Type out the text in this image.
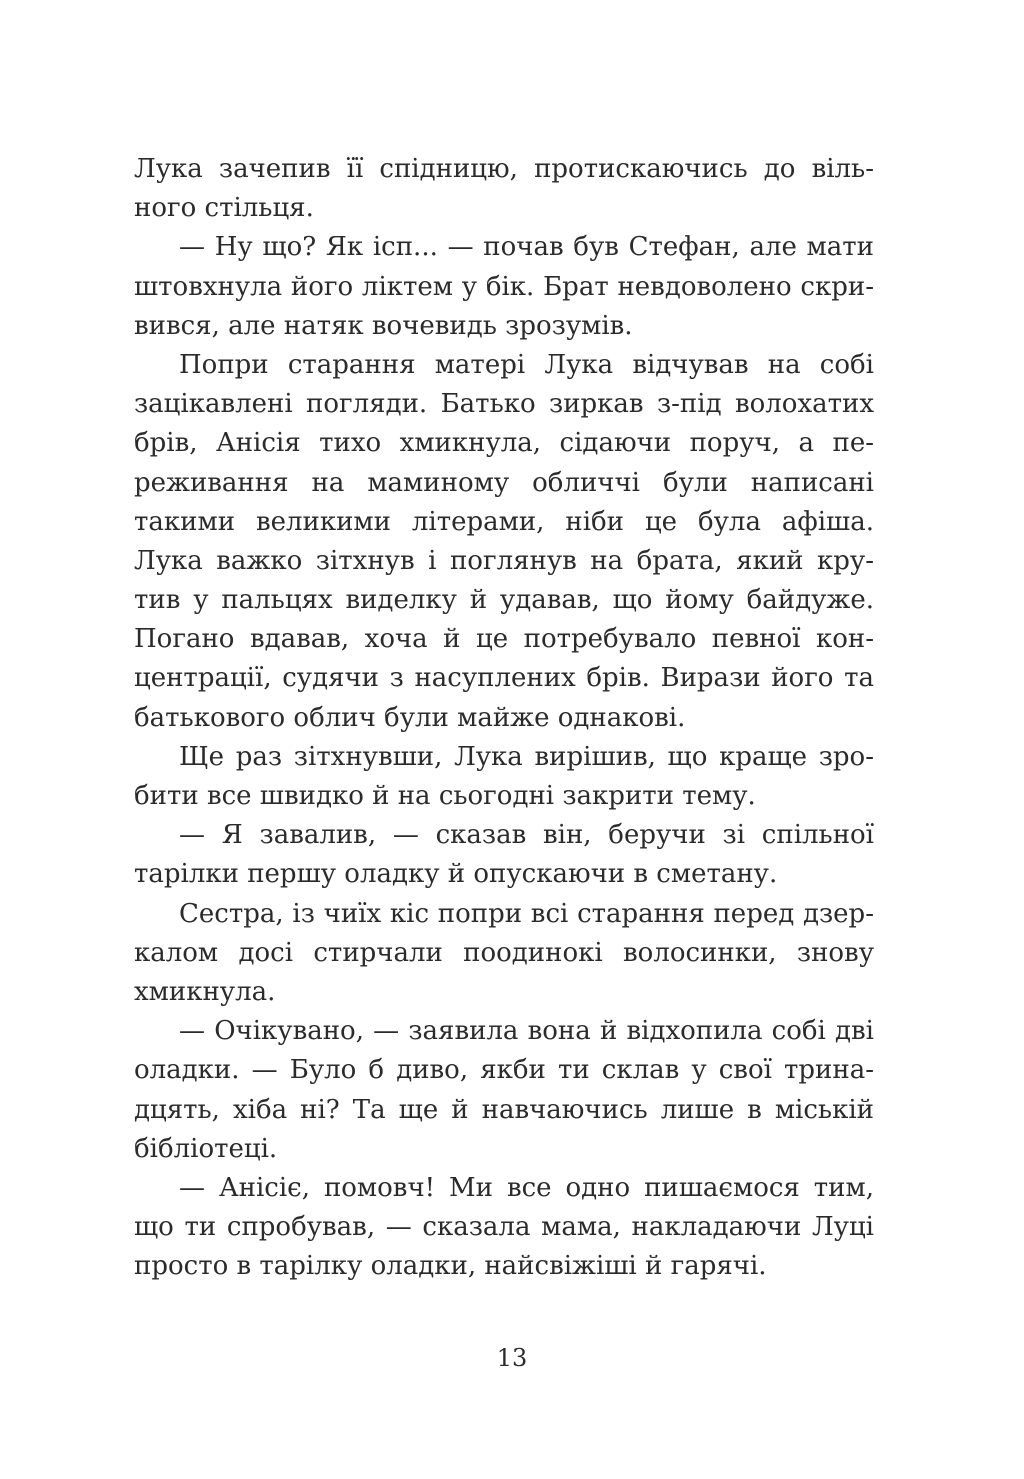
Лука зачепив її спідницю, протискаючись до віль-
ного стільця.
— Ну що? Як ісп... — почав був Стефан, але мати
штовхнула його ліктем у бік. Брат невдоволено скри-
вився, але натяк вочевидь зрозумів.
Попри старання матері Лука відчував на собі
зацікавлені погляди. Батько зиркав з-під волохатих
брів, Анісія тихо хмикнула, сідаючи поруч, а пе-
реживання на маминому обличчі були написані
такими великими літерами, ніби це була афіша.
Лука важко зітхнув і поглянув на брата, який кру-
тив у пальцях виделку й удавав, що йому байдуже.
Погано вдавав, хоча й це потребувало певної кон-
центрації, судячи з насуплених брів. Вирази його та
батькового облич були майже однакові.
Ще раз зітхнувши, Лука вирішив, що краще зро-
бити все швидко й на сьогодні закрити тему.
— Я завалив, — сказав він, беручи зі спільної
тарілки першу оладку й опускаючи в сметану.
Сестра, із чиїх кіс попри всі старання перед дзер-
калом досі стирчали поодинокі волосинки, знову
хмикнула.
— Очікувано, — заявила вона й відхопила собі дві
оладки. — Було б диво, якби ти склав у свої трина-
дцять, хіба ні? Та ще й навчаючись лише в міській
бібліотеці.
— Анісіє, помовч! Ми все одно пишаємося тим,
що ти спробував, — сказала мама, накладаючи Луці
просто в тарілку оладки, найсвіжіші й гарячі.
13
